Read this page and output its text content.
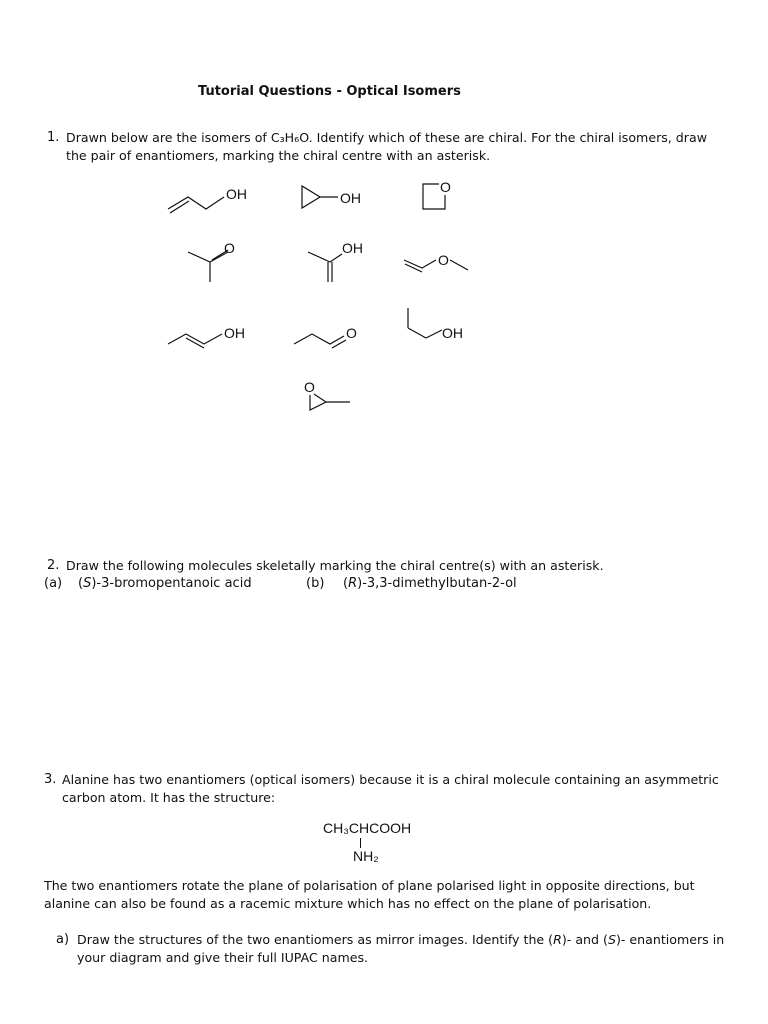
Tutorial Questions - Optical Isomers
1. Drawn below are the isomers of C₃H₆O. Identify which of these are chiral. For the chiral isomers, draw
the pair of enantiomers, marking the chiral centre with an asterisk.
OH	OH
O
O	OH
O
OH	O	OH
O
2. Draw the following molecules skeletally marking the chiral centre(s) with an asterisk.
(a) (S)-3-bromopentanoic acid	(b) (R)-3,3-dimethylbutan-2-ol
3. Alanine has two enantiomers (optical isomers) because it is a chiral molecule containing an asymmetric
carbon atom. It has the structure:
CH₃CHCOOH
NH₂
The two enantiomers rotate the plane of polarisation of plane polarised light in opposite directions, but
alanine can also be found as a racemic mixture which has no effect on the plane of polarisation.
a) Draw the structures of the two enantiomers as mirror images. Identify the (R)- and (S)- enantiomers in
your diagram and give their full IUPAC names.
